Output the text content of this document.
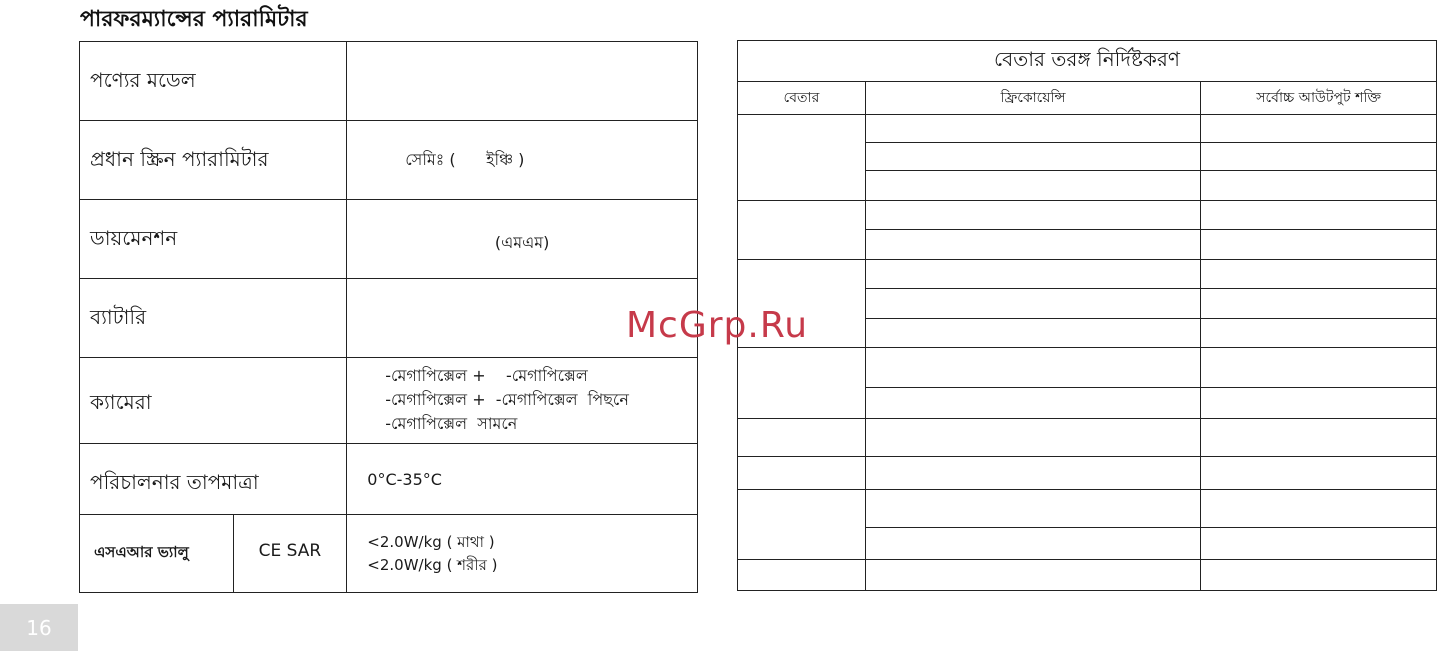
পারফরম্যান্সের প্যারামিটার
পণ্যের মডেল		
প্রধান স্ক্রিন প্যারামিটার		সেমিঃ (      ইঞ্চি )
ডায়মেনশন		(এমএম)
ব্যাটারি		
ক্যামেরা		-মেগাপিক্সেল +    -মেগাপিক্সেল
-মেগাপিক্সেল +  -মেগাপিক্সেল  পিছনে
-মেগাপিক্সেল  সামনে

পরিচালনার তাপমাত্রা		0°C-35°C
এসএআর ভ্যালু	CE SAR	<2.0W/kg ( মাথা )
<2.0W/kg ( শরীর )
বেতার তরঙ্গ নির্দিষ্টকরণ		
বেতার	ফ্রিকোয়েন্সি	সর্বোচ্চ আউটপুট শক্তি

McGrp.Ru
16
